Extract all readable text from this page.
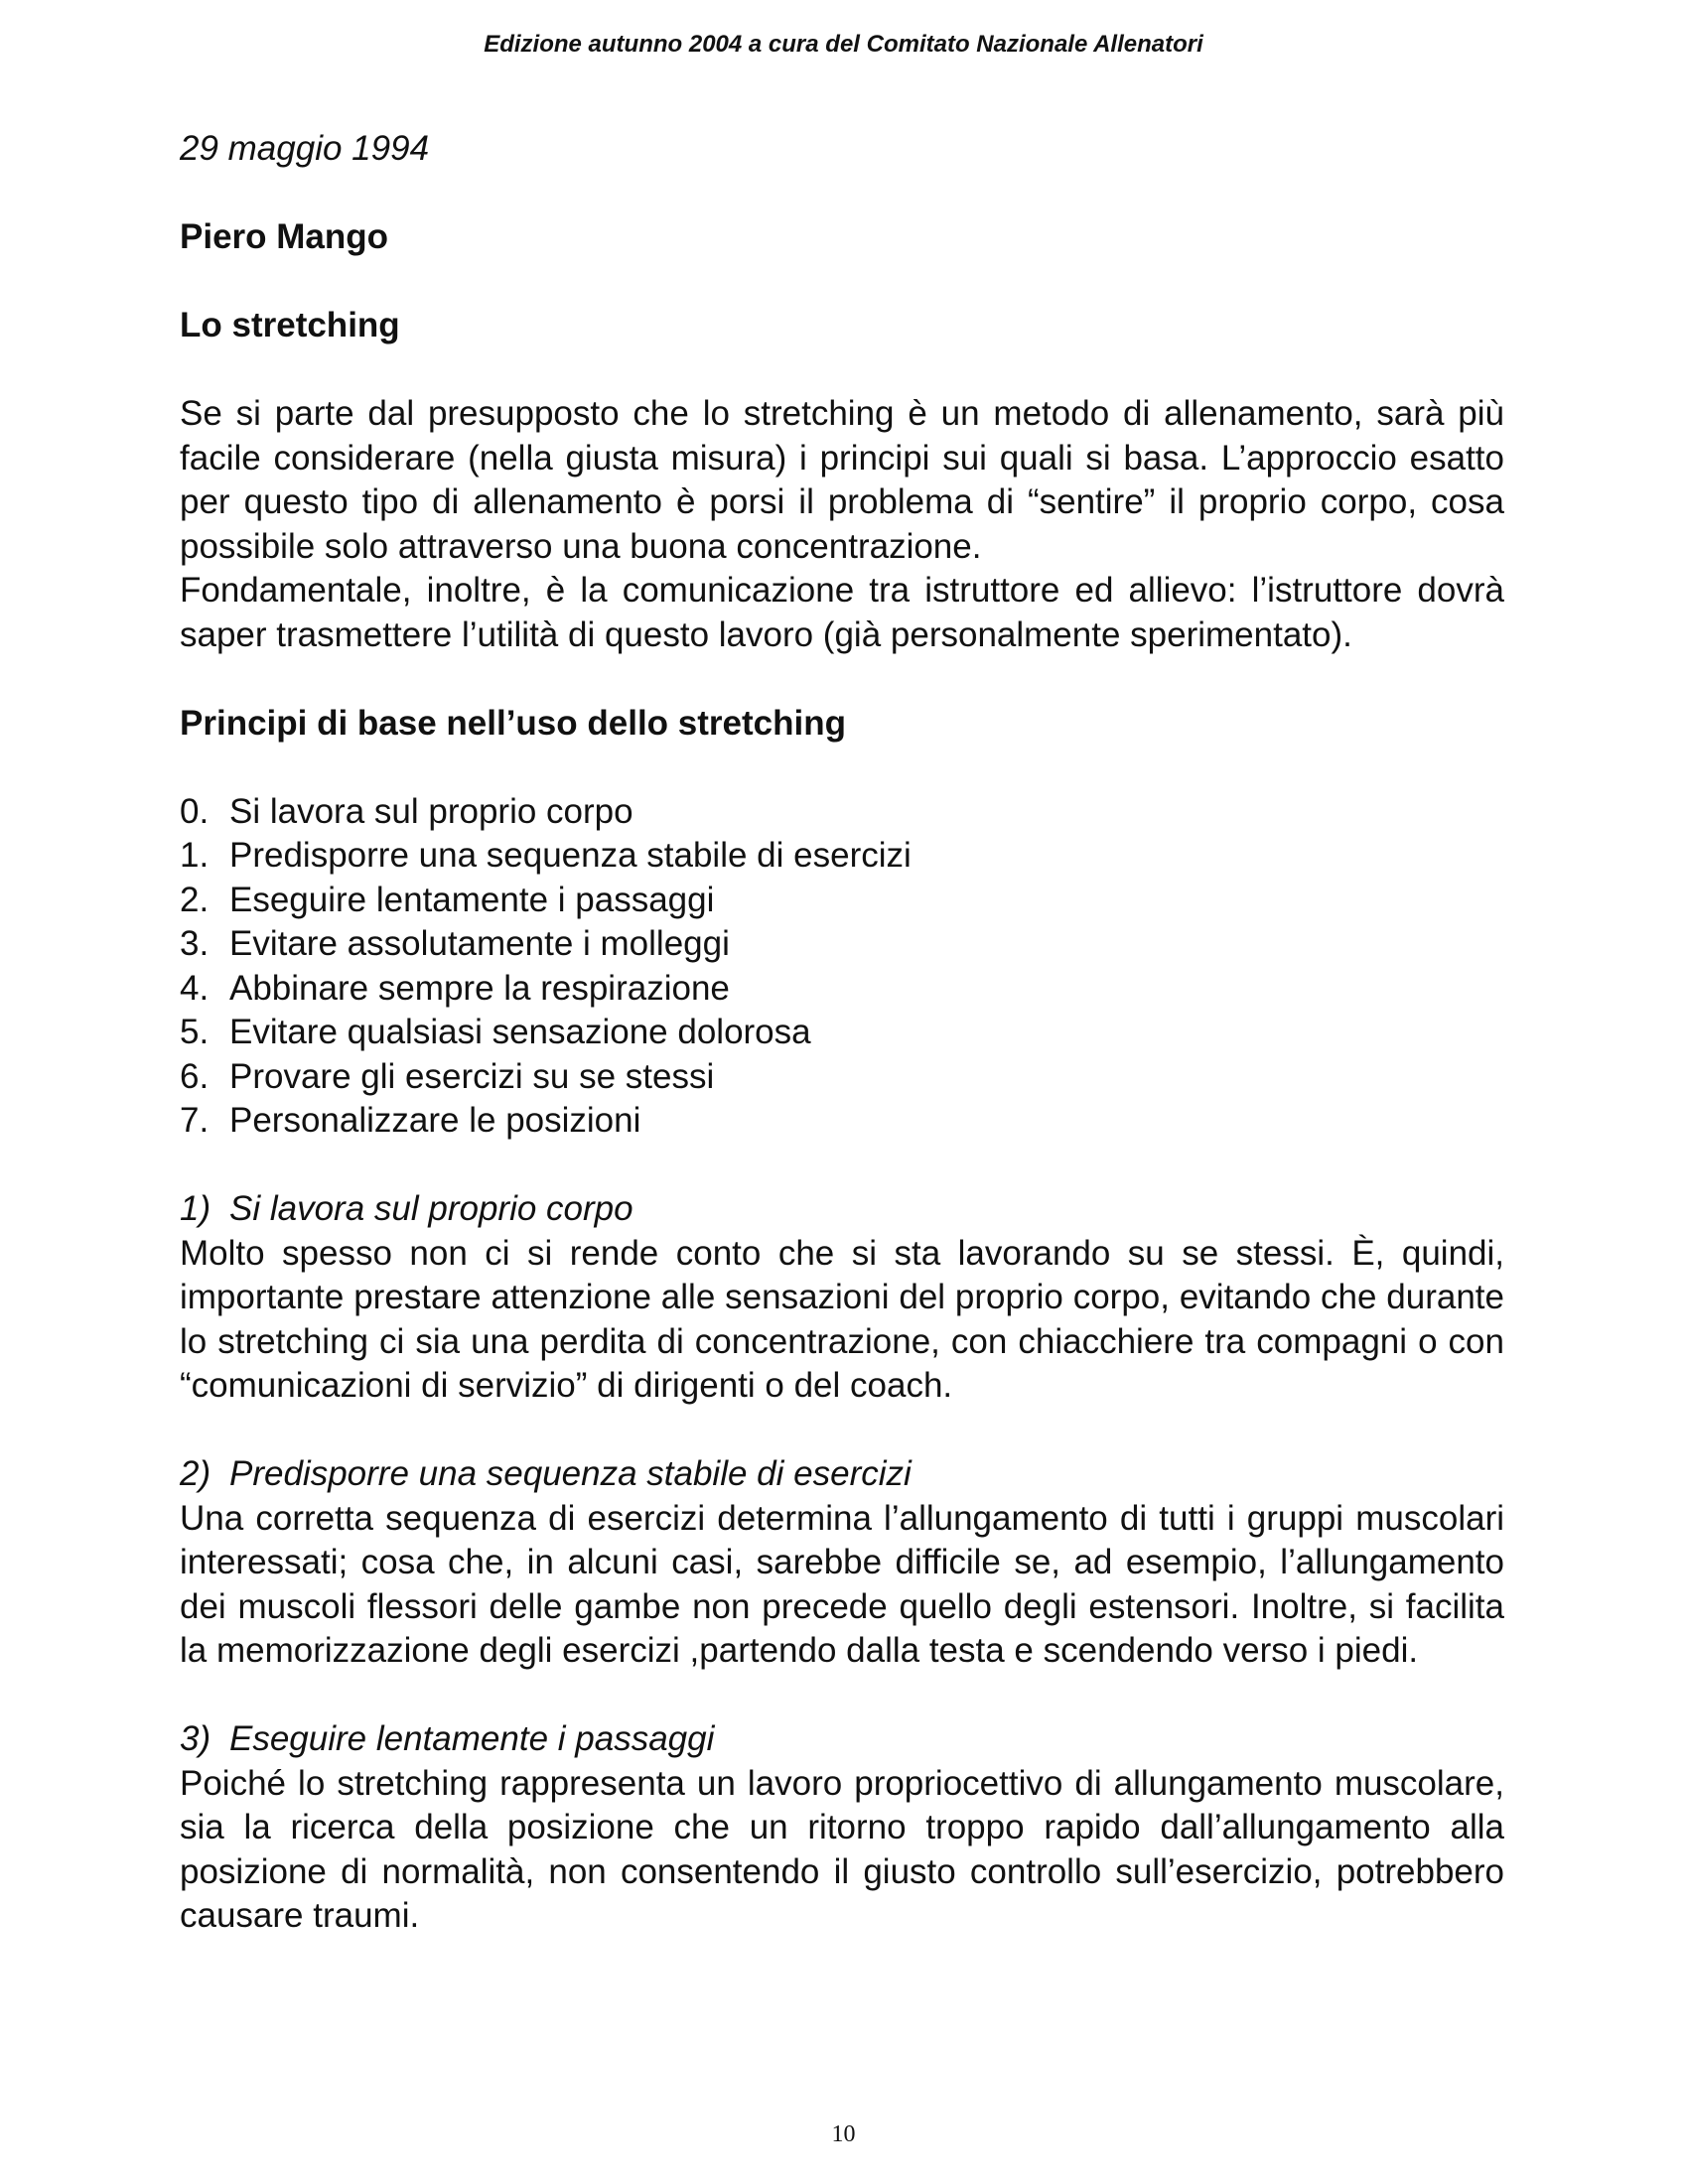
Edizione autunno 2004 a cura del Comitato Nazionale Allenatori

29 maggio 1994

Piero Mango

Lo stretching

Se si parte dal presupposto che lo stretching è un metodo di allenamento, sarà più facile considerare (nella giusta misura) i principi sui quali si basa. L’approccio esatto per questo tipo di allenamento è porsi il problema di “sentire” il proprio corpo, cosa possibile solo attraverso una buona concentrazione.

Fondamentale, inoltre, è la comunicazione tra istruttore ed allievo: l’istruttore dovrà saper trasmettere l’utilità di questo lavoro (già personalmente sperimentato).

Principi di base nell’uso dello stretching

0. Si lavora sul proprio corpo
1. Predisporre una sequenza stabile di esercizi
2. Eseguire lentamente i passaggi
3. Evitare assolutamente i molleggi
4. Abbinare sempre la respirazione
5. Evitare qualsiasi sensazione dolorosa
6. Provare gli esercizi su se stessi
7. Personalizzare le posizioni

1) Si lavora sul proprio corpo

Molto spesso non ci si rende conto che si sta lavorando su se stessi. È, quindi, importante prestare attenzione alle sensazioni del proprio corpo, evitando che durante lo stretching ci sia una perdita di concentrazione, con chiacchiere tra compagni o con “comunicazioni di servizio” di dirigenti o del coach.

2) Predisporre una sequenza stabile di esercizi

Una corretta sequenza di esercizi determina l’allungamento di tutti i gruppi muscolari interessati; cosa che, in alcuni casi, sarebbe difficile se, ad esempio, l’allungamento dei muscoli flessori delle gambe non precede quello degli estensori. Inoltre, si facilita la memorizzazione degli esercizi ,partendo dalla testa e scendendo verso i piedi.

3) Eseguire lentamente i passaggi

Poiché lo stretching rappresenta un lavoro propriocettivo di allungamento muscolare, sia la ricerca della posizione che un ritorno troppo rapido dall’allungamento alla posizione di normalità, non consentendo il giusto controllo sull’esercizio, potrebbero causare traumi.

10
